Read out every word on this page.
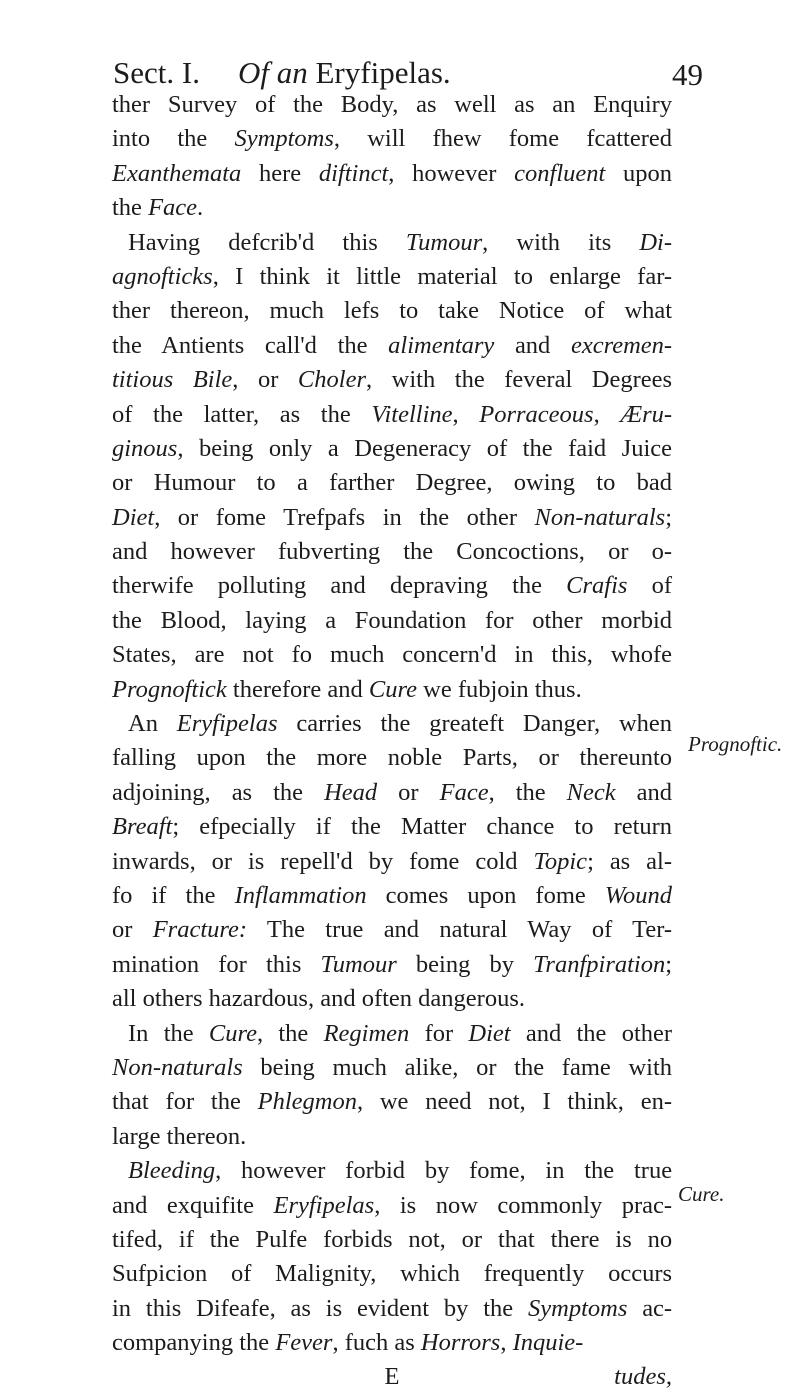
Sect. I. Of an Eryfipelas.	49
ther Survey of the Body, as well as an Enquiry
into the Symptoms, will fhew fome fcattered
Exanthemata here diftinct, however confluent upon
the Face.
Having defcrib'd this Tumour, with its Di-
agnofticks, I think it little material to enlarge far-
ther thereon, much lefs to take Notice of what
the Antients call'd the alimentary and excremen-
titious Bile, or Choler, with the feveral Degrees
of the latter, as the Vitelline, Porraceous, Æru-
ginous, being only a Degeneracy of the faid Juice
or Humour to a farther Degree, owing to bad
Diet, or fome Trefpafs in the other Non-naturals;
and however fubverting the Concoctions, or o-
therwife polluting and depraving the Crafis of
the Blood, laying a Foundation for other morbid
States, are not fo much concern'd in this, whofe
Prognoftick therefore and Cure we fubjoin thus.
An Eryfipelas carries the greateft Danger, when
falling upon the more noble Parts, or thereunto
adjoining, as the Head or Face, the Neck and
Breaft; efpecially if the Matter chance to return
inwards, or is repell'd by fome cold Topic; as al-
fo if the Inflammation comes upon fome Wound
or Fracture: The true and natural Way of Ter-
mination for this Tumour being by Tranfpiration;
all others hazardous, and often dangerous.
In the Cure, the Regimen for Diet and the other
Non-naturals being much alike, or the fame with
that for the Phlegmon, we need not, I think, en-
large thereon.
Bleeding, however forbid by fome, in the true
and exquifite Eryfipelas, is now commonly prac-
tifed, if the Pulfe forbids not, or that there is no
Sufpicion of Malignity, which frequently occurs
in this Difeafe, as is evident by the Symptoms ac-
companying the Fever, fuch as Horrors, Inquie-
E	tudes,
Prognoftic.
Cure.
